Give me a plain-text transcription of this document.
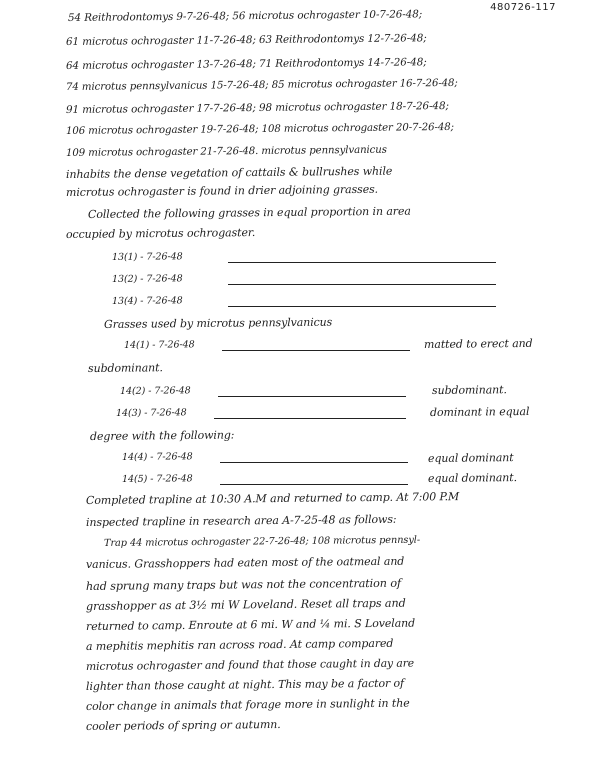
480726-117
54 Reithrodontomys 9-7-26-48; 56 microtus ochrogaster 10-7-26-48;
61 microtus ochrogaster 11-7-26-48; 63 Reithrodontomys 12-7-26-48;
64 microtus ochrogaster 13-7-26-48; 71 Reithrodontomys 14-7-26-48;
74 microtus pennsylvanicus 15-7-26-48; 85 microtus ochrogaster 16-7-26-48;
91 microtus ochrogaster 17-7-26-48; 98 microtus ochrogaster 18-7-26-48;
106 microtus ochrogaster 19-7-26-48; 108 microtus ochrogaster 20-7-26-48;
109 microtus ochrogaster 21-7-26-48. microtus pennsylvanicus
inhabits the dense vegetation of cattails & bullrushes while
microtus ochrogaster is found in drier adjoining grasses.
Collected the following grasses in equal proportion in area
occupied by microtus ochrogaster.
13(1) - 7-26-48
13(2) - 7-26-48
13(4) - 7-26-48
Grasses used by microtus pennsylvanicus
14(1) - 7-26-48	matted to erect and
subdominant.
14(2) - 7-26-48	subdominant.
14(3) - 7-26-48	dominant in equal
degree with the following:
14(4) - 7-26-48	equal dominant
14(5) - 7-26-48	equal dominant.
Completed trapline at 10:30 A.M and returned to camp. At 7:00 P.M
inspected trapline in research area A-7-25-48 as follows:
Trap 44 microtus ochrogaster 22-7-26-48; 108 microtus pennsyl-
vanicus. Grasshoppers had eaten most of the oatmeal and
had sprung many traps but was not the concentration of
grasshopper as at 3½ mi W Loveland. Reset all traps and
returned to camp. Enroute at 6 mi. W and ¼ mi. S Loveland
a mephitis mephitis ran across road. At camp compared
microtus ochrogaster and found that those caught in day are
lighter than those caught at night. This may be a factor of
color change in animals that forage more in sunlight in the
cooler periods of spring or autumn.
